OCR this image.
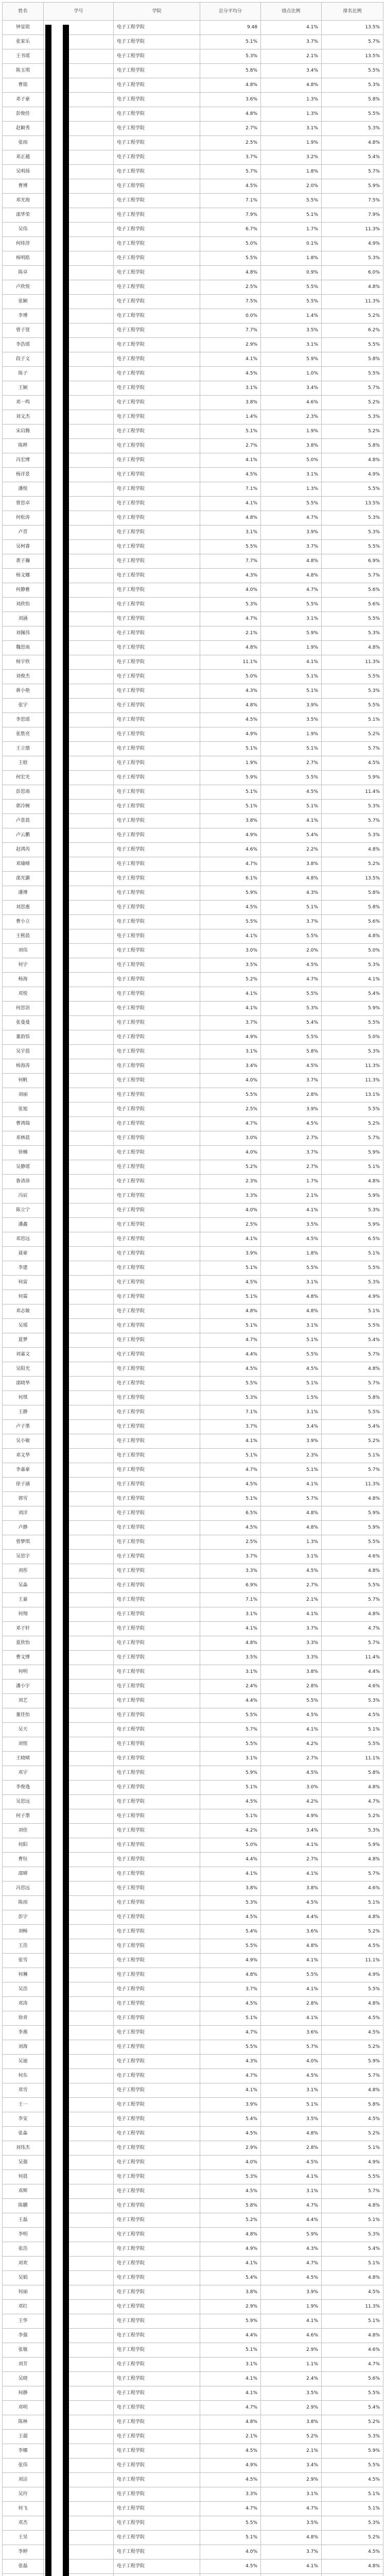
姓名	学号	学院	总分平均分	绩点比例	排名比例
钟显铭		电子工程学院	9.48	4.1%	13.5%
张家乐		电子工程学院	5.1%	3.7%	5.7%
王书瑶		电子工程学院	5.3%	2.1%	13.5%
陈玉琪		电子工程学院	5.8%	3.4%	5.5%
曹铭		电子工程学院	4.8%	4.8%	5.3%
邓子豪		电子工程学院	3.6%	1.3%	5.8%
彭俊佳		电子工程学院	4.8%	1.3%	5.5%
赵颖秀		电子工程学院	2.7%	3.1%	5.3%
张雨		电子工程学院	2.5%	1.9%	4.8%
邓正越		电子工程学院	3.7%	3.2%	5.4%
吴明扬		电子工程学院	5.7%	1.8%	5.7%
曹博		电子工程学院	4.5%	2.0%	5.9%
邓光海		电子工程学院	7.1%	5.5%	7.5%
邵华荣		电子工程学院	7.9%	5.1%	7.9%
吴伟		电子工程学院	6.7%	1.7%	11.3%
何炜淳		电子工程学院	5.0%	0.1%	4.9%
杨明皓		电子工程学院	5.5%	1.8%	5.3%
陈卓		电子工程学院	4.8%	0.9%	6.0%
卢欣悦		电子工程学院	2.5%	5.5%	4.8%
张颖		电子工程学院	7.5%	5.5%	11.3%
李博		电子工程学院	0.0%	1.4%	5.2%
曾子贤		电子工程学院	7.7%	3.5%	6.2%
李浩瑶		电子工程学院	2.9%	3.1%	5.5%
段子文		电子工程学院	4.1%	5.9%	5.8%
陈子		电子工程学院	4.5%	1.0%	5.5%
王颖		电子工程学院	3.1%	3.4%	5.7%
邓一鸣		电子工程学院	3.8%	4.6%	5.2%
刘文杰		电子工程学院	1.4%	2.3%	5.3%
宋启腾		电子工程学院	5.1%	1.9%	5.2%
陈晔		电子工程学院	2.7%	3.8%	5.8%
冯宏博		电子工程学院	4.1%	5.0%	4.8%
杨洋景		电子工程学院	4.5%	3.1%	4.9%
潘悦		电子工程学院	7.1%	1.3%	5.5%
曾思卓		电子工程学院	4.1%	5.5%	13.5%
何松涛		电子工程学院	4.8%	4.7%	5.3%
卢晋		电子工程学院	3.1%	3.9%	5.3%
吴柯睿		电子工程学院	5.5%	3.7%	5.5%
黄子瀚		电子工程学院	7.7%	4.8%	6.9%
杨文娜		电子工程学院	4.3%	4.8%	5.7%
何静雅		电子工程学院	4.0%	4.7%	5.6%
刘欣怡		电子工程学院	5.3%	5.5%	5.6%
刘涵		电子工程学院	4.7%	3.1%	5.5%
刘佩伟		电子工程学院	2.1%	5.9%	5.3%
魏思雨		电子工程学院	4.8%	1.9%	4.8%
杨宇欣		电子工程学院	11.1%	4.1%	11.3%
刘俊杰		电子工程学院	5.0%	5.1%	5.5%
蒋小艳		电子工程学院	4.3%	5.1%	5.3%
张宇		电子工程学院	4.8%	3.9%	5.5%
李思瑶		电子工程学院	4.5%	3.5%	5.1%
张胜亮		电子工程学院	4.9%	1.9%	5.2%
王立德		电子工程学院	5.1%	5.1%	5.7%
王晗		电子工程学院	1.9%	2.7%	4.5%
何宏光		电子工程学院	5.9%	5.5%	5.9%
彭思雨		电子工程学院	5.1%	4.5%	11.4%
郭冷婉		电子工程学院	5.1%	5.1%	5.3%
卢景晨		电子工程学院	3.8%	4.1%	5.7%
卢云鹏		电子工程学院	4.9%	5.4%	5.3%
赵鸿芮		电子工程学院	4.6%	2.2%	4.8%
邓瑜晴		电子工程学院	4.7%	3.8%	5.2%
邵光灏		电子工程学院	6.1%	4.8%	13.5%
潘博		电子工程学院	5.9%	4.3%	5.8%
刘思惠		电子工程学院	4.5%	5.1%	5.8%
曹小立		电子工程学院	5.5%	3.7%	5.6%
王熙晨		电子工程学院	4.1%	5.5%	4.8%
刘伟		电子工程学院	3.0%	2.0%	5.0%
何宇		电子工程学院	3.5%	4.5%	5.3%
杨海		电子工程学院	5.2%	4.7%	4.1%
邓悦		电子工程学院	4.1%	5.5%	5.4%
何思语		电子工程学院	4.1%	5.3%	5.9%
张曼曼		电子工程学院	3.7%	5.4%	5.5%
董韵恬		电子工程学院	4.9%	5.5%	5.0%
吴宇晨		电子工程学院	3.1%	5.8%	5.3%
杨海涛		电子工程学院	3.4%	4.5%	11.3%
何帆		电子工程学院	4.0%	3.7%	11.3%
刘丽		电子工程学院	5.5%	2.8%	13.1%
张旭		电子工程学院	2.5%	3.9%	5.5%
曹鸿瑞		电子工程学院	4.7%	4.5%	5.2%
邓林晨		电子工程学院	3.0%	2.7%	5.7%
徐楠		电子工程学院	4.0%	3.7%	5.9%
吴静瑶		电子工程学院	5.2%	2.7%	5.1%
鲁清沛		电子工程学院	2.3%	1.7%	4.8%
冯辰		电子工程学院	3.3%	2.1%	5.9%
陈立宁		电子工程学院	4.0%	4.1%	5.3%
潘鑫		电子工程学院	2.5%	3.5%	5.9%
邓思远		电子工程学院	4.1%	4.5%	6.5%
聂豪		电子工程学院	3.9%	1.8%	5.1%
李建		电子工程学院	5.1%	5.5%	5.5%
何雷		电子工程学院	4.5%	3.1%	5.3%
何霖		电子工程学院	5.1%	4.8%	4.9%
邓志敏		电子工程学院	4.8%	4.8%	5.1%
吴瑶		电子工程学院	5.1%	3.1%	5.5%
夏梦		电子工程学院	4.7%	5.1%	5.4%
刘嘉文		电子工程学院	4.4%	5.5%	5.7%
吴阳光		电子工程学院	4.5%	4.5%	4.8%
邵晓华		电子工程学院	5.5%	5.1%	5.7%
何琪		电子工程学院	5.3%	1.5%	5.8%
王静		电子工程学院	7.1%	3.1%	5.5%
卢子墨		电子工程学院	3.7%	3.4%	5.4%
吴小敏		电子工程学院	4.1%	3.9%	5.2%
邓文华		电子工程学院	5.1%	2.3%	5.1%
李嘉豪		电子工程学院	4.7%	5.1%	5.7%
徐子涵		电子工程学院	4.5%	4.1%	11.3%
郭雪		电子工程学院	5.1%	5.7%	4.8%
刘洋		电子工程学院	6.5%	4.8%	5.9%
卢静		电子工程学院	4.5%	4.8%	5.9%
曾梦琪		电子工程学院	2.5%	1.3%	5.5%
吴思宇		电子工程学院	3.7%	3.1%	4.6%
刘彤		电子工程学院	3.3%	4.5%	4.8%
吴淼		电子工程学院	6.9%	2.7%	5.5%
王嘉		电子工程学院	7.1%	2.1%	5.7%
何翔		电子工程学院	3.1%	4.1%	4.8%
邓子轩		电子工程学院	4.1%	3.7%	4.7%
夏欣怡		电子工程学院	4.8%	3.3%	5.7%
曹文博		电子工程学院	3.5%	3.3%	11.4%
何明		电子工程学院	3.1%	3.8%	4.4%
潘小宇		电子工程学院	2.4%	2.8%	4.6%
刘艺		电子工程学院	4.4%	5.5%	5.3%
董佳怡		电子工程学院	5.5%	4.5%	4.5%
吴天		电子工程学院	5.7%	4.1%	5.1%
刘悦		电子工程学院	5.5%	4.2%	5.5%
王晓晴		电子工程学院	3.1%	2.7%	11.1%
邓宇		电子工程学院	5.9%	4.5%	5.8%
李俊逸		电子工程学院	5.1%	3.0%	4.8%
吴思远		电子工程学院	4.5%	4.2%	4.7%
何子墨		电子工程学院	5.1%	4.9%	5.2%
刘佳		电子工程学院	4.2%	3.4%	5.3%
何阳		电子工程学院	5.0%	4.1%	5.9%
曹钰		电子工程学院	4.4%	2.7%	4.8%
邵晴		电子工程学院	4.1%	4.1%	5.7%
冯思远		电子工程学院	3.8%	3.8%	4.6%
陈雨		电子工程学院	5.3%	4.5%	5.1%
彭宇		电子工程学院	4.5%	4.4%	4.8%
刘畅		电子工程学院	5.4%	3.6%	5.2%
王浩		电子工程学院	5.5%	4.8%	4.5%
张雪		电子工程学院	4.9%	4.1%	11.1%
何琳		电子工程学院	4.8%	5.5%	4.9%
吴浩		电子工程学院	3.7%	4.1%	5.5%
邓涛		电子工程学院	4.5%	2.8%	4.8%
徐青		电子工程学院	5.1%	4.1%	4.5%
李燕		电子工程学院	4.7%	3.6%	4.5%
刘海		电子工程学院	5.5%	5.7%	5.2%
吴迪		电子工程学院	4.3%	4.0%	5.9%
何东		电子工程学院	4.7%	4.5%	5.7%
邓雪		电子工程学院	4.1%	3.1%	4.8%
王一		电子工程学院	3.9%	5.1%	5.8%
李安		电子工程学院	5.4%	3.5%	4.5%
张淼		电子工程学院	4.5%	4.8%	5.2%
刘伟杰		电子工程学院	2.9%	2.8%	5.1%
吴强		电子工程学院	4.0%	4.5%	4.9%
何晨		电子工程学院	5.3%	4.1%	5.5%
邓辉		电子工程学院	4.5%	3.1%	5.7%
陈鹏		电子工程学院	5.8%	4.7%	4.8%
王磊		电子工程学院	5.2%	4.4%	5.1%
李明		电子工程学院	4.8%	5.9%	5.3%
张浩		电子工程学院	4.9%	4.3%	5.4%
刘欢		电子工程学院	4.1%	4.7%	5.1%
吴娟		电子工程学院	5.4%	4.5%	4.8%
何丽		电子工程学院	3.8%	3.9%	4.5%
邓红		电子工程学院	2.9%	1.9%	11.3%
王华		电子工程学院	5.9%	4.1%	5.1%
李强		电子工程学院	4.4%	4.6%	4.8%
张敏		电子工程学院	5.1%	2.9%	4.6%
刘芳		电子工程学院	3.1%	1.1%	4.7%
吴晓		电子工程学院	4.1%	2.4%	5.6%
何静		电子工程学院	4.1%	3.5%	5.5%
邓明		电子工程学院	4.7%	2.9%	5.4%
陈林		电子工程学院	4.8%	3.8%	5.2%
王超		电子工程学院	2.1%	5.2%	5.3%
李娜		电子工程学院	4.5%	2.1%	5.9%
张伟		电子工程学院	4.9%	3.4%	5.5%
刘洁		电子工程学院	4.5%	2.9%	4.5%
吴玲		电子工程学院	3.3%	3.1%	5.1%
何飞		电子工程学院	4.7%	4.7%	5.1%
邓杰		电子工程学院	5.5%	3.5%	5.3%
王昊		电子工程学院	5.1%	4.8%	5.2%
李婷		电子工程学院	4.0%	3.7%	4.5%
张磊		电子工程学院	4.5%	4.1%	4.8%
